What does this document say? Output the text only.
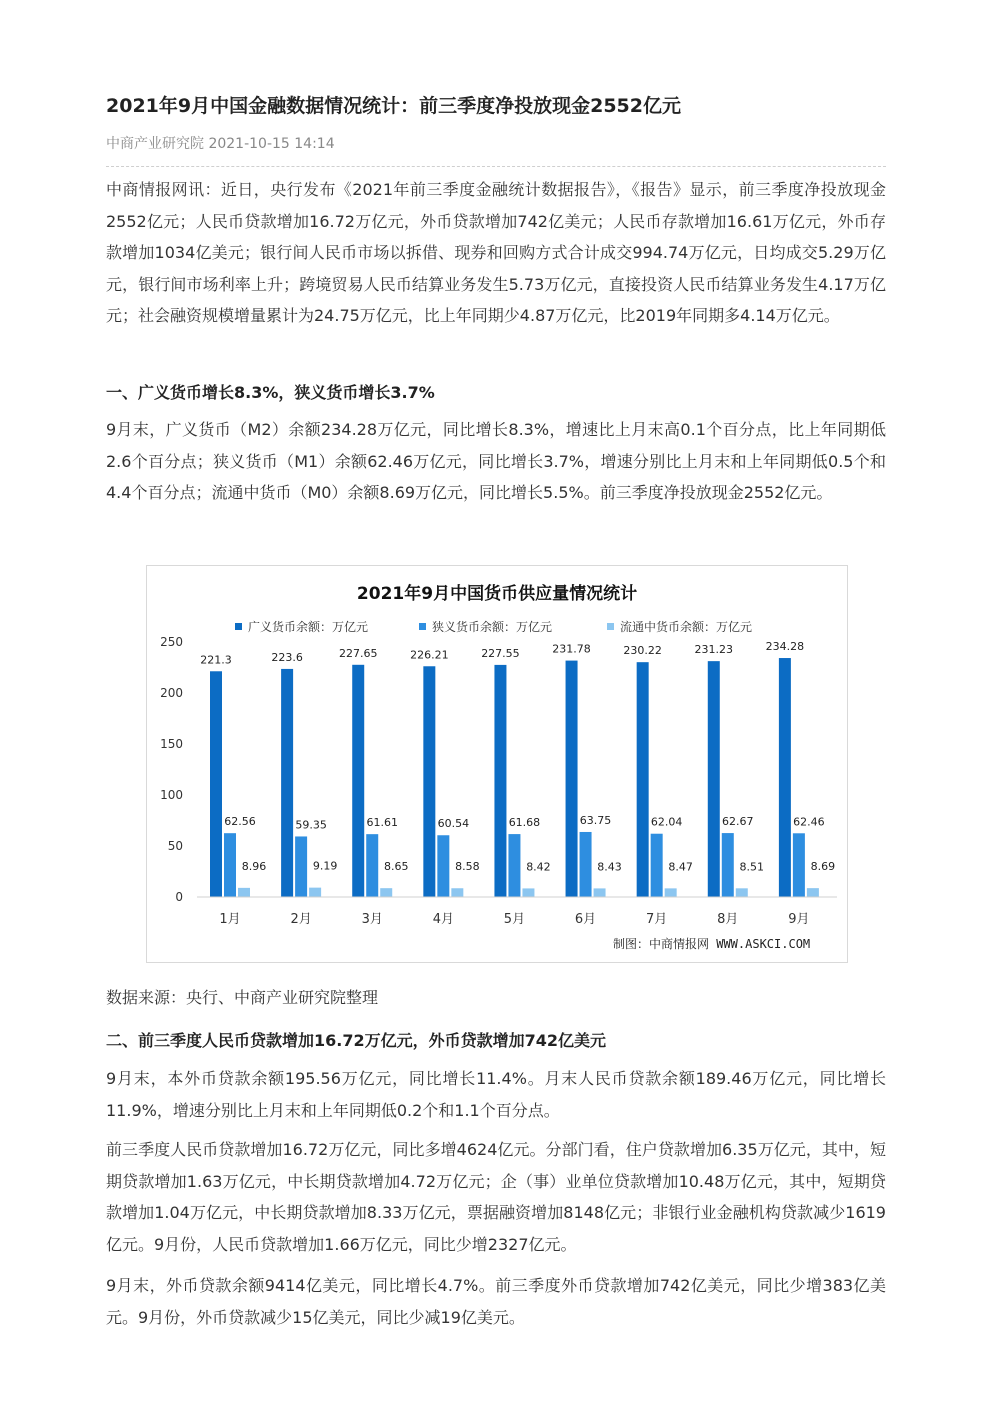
2021年9月中国金融数据情况统计：前三季度净投放现金2552亿元
中商产业研究院 2021-10-15 14:14

中商情报网讯：近日，央行发布《2021年前三季度金融统计数据报告》，《报告》显示，前三季度净投放现金2552亿元；人民币贷款增加16.72万亿元，外币贷款增加742亿美元；人民币存款增加16.61万亿元，外币存款增加1034亿美元；银行间人民币市场以拆借、现券和回购方式合计成交994.74万亿元，日均成交5.29万亿元，银行间市场利率上升；跨境贸易人民币结算业务发生5.73万亿元，直接投资人民币结算业务发生4.17万亿元；社会融资规模增量累计为24.75万亿元，比上年同期少4.87万亿元，比2019年同期多4.14万亿元。

一、广义货币增长8.3%，狭义货币增长3.7%

9月末，广义货币（M2）余额234.28万亿元，同比增长8.3%，增速比上月末高0.1个百分点，比上年同期低2.6个百分点；狭义货币（M1）余额62.46万亿元，同比增长3.7%，增速分别比上月末和上年同期低0.5个和4.4个百分点；流通中货币（M0）余额8.69万亿元，同比增长5.5%。前三季度净投放现金2552亿元。

2021年9月中国货币供应量情况统计
广义货币余额：万亿元	狭义货币余额：万亿元	流通中货币余额：万亿元
0
50
100
150
200
250
221.3
62.56
8.96
223.6
59.35
9.19
227.65
61.61
8.65
226.21
60.54
8.58
227.55
61.68
8.42
231.78
63.75
8.43
230.22
62.04
8.47
231.23
62.67
8.51
234.28
62.46
8.69
1月	2月	3月	4月	5月	6月	7月	8月	9月
制图：中商情报网 WWW.ASKCI.COM
数据来源：央行、中商产业研究院整理
二、前三季度人民币贷款增加16.72万亿元，外币贷款增加742亿美元

9月末，本外币贷款余额195.56万亿元，同比增长11.4%。月末人民币贷款余额189.46万亿元，同比增长11.9%，增速分别比上月末和上年同期低0.2个和1.1个百分点。

前三季度人民币贷款增加16.72万亿元，同比多增4624亿元。分部门看，住户贷款增加6.35万亿元，其中，短期贷款增加1.63万亿元，中长期贷款增加4.72万亿元；企（事）业单位贷款增加10.48万亿元，其中，短期贷款增加1.04万亿元，中长期贷款增加8.33万亿元，票据融资增加8148亿元；非银行业金融机构贷款减少1619亿元。9月份，人民币贷款增加1.66万亿元，同比少增2327亿元。

9月末，外币贷款余额9414亿美元，同比增长4.7%。前三季度外币贷款增加742亿美元，同比少增383亿美元。9月份，外币贷款减少15亿美元，同比少减19亿美元。
